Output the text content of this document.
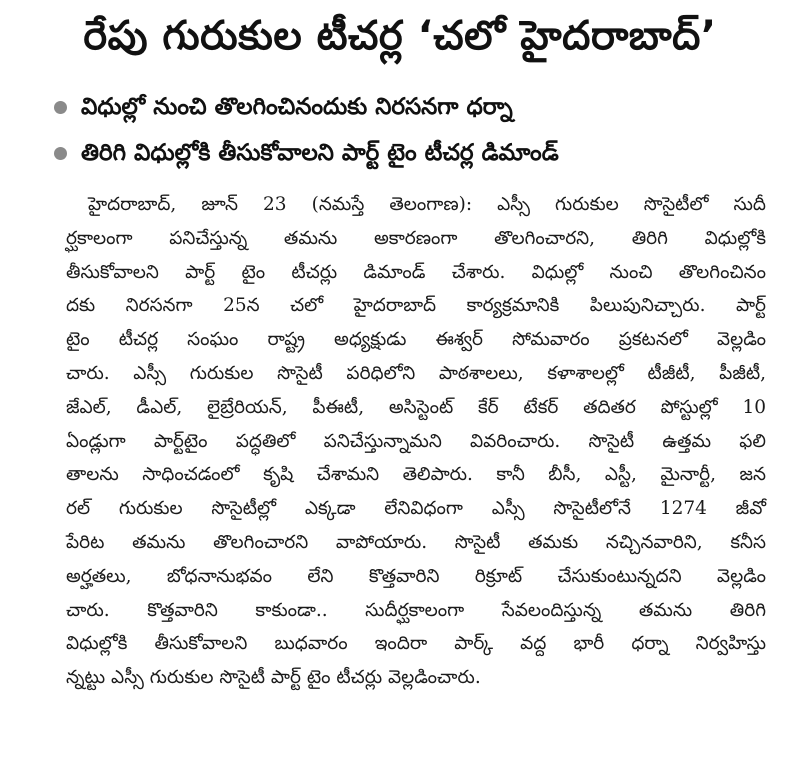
రేపు గురుకుల టీచర్ల ‘చలో హైదరాబాద్‌’
విధుల్లో నుంచి తొలగించినందుకు నిరసనగా ధర్నా
తిరిగి విధుల్లోకి తీసుకోవాలని పార్ట్‌ టైం టీచర్ల డిమాండ్‌
హైదరాబాద్‌, జూన్‌ 23 (నమస్తే తెలంగాణ): ఎస్సీ గురుకుల సొసైటీలో సుదీ
ర్ఘకాలంగా పనిచేస్తున్న తమను అకారణంగా తొలగించారని, తిరిగి విధుల్లోకి
తీసుకోవాలని పార్ట్‌ టైం టీచర్లు డిమాండ్‌ చేశారు. విధుల్లో నుంచి తొలగించినం
దకు నిరసనగా 25న చలో హైదరాబాద్‌ కార్యక్రమానికి పిలుపునిచ్చారు. పార్ట్‌
టైం టీచర్ల సంఘం రాష్ట్ర అధ్యక్షుడు ఈశ్వర్‌ సోమవారం ప్రకటనలో వెల్లడిం
చారు. ఎస్సీ గురుకుల సొసైటీ పరిధిలోని పాఠశాలలు, కళాశాలల్లో టీజీటీ, పీజీటీ,
జేఎల్‌, డీఎల్‌, లైబ్రేరియన్‌, పీఈటీ, అసిస్టెంట్‌ కేర్‌ టేకర్‌ తదితర పోస్టుల్లో 10
ఏండ్లుగా పార్ట్‌టైం పద్ధతిలో పనిచేస్తున్నామని వివరించారు. సొసైటీ ఉత్తమ ఫలి
తాలను సాధించడంలో కృషి చేశామని తెలిపారు. కానీ బీసీ, ఎస్టీ, మైనార్టీ, జన
రల్‌ గురుకుల సొసైటీల్లో ఎక్కడా లేనివిధంగా ఎస్సీ సొసైటీలోనే 1274 జీవో
పేరిట తమను తొలగించారని వాపోయారు. సొసైటీ తమకు నచ్చినవారిని, కనీస
అర్హతలు, బోధనానుభవం లేని కొత్తవారిని రిక్రూట్‌ చేసుకుంటున్నదని వెల్లడిం
చారు. కొత్తవారిని కాకుండా.. సుదీర్ఘకాలంగా సేవలందిస్తున్న తమను తిరిగి
విధుల్లోకి తీసుకోవాలని బుధవారం ఇందిరా పార్క్‌ వద్ద భారీ ధర్నా నిర్వహిస్తు
న్నట్టు ఎస్సీ గురుకుల సొసైటీ పార్ట్‌ టైం టీచర్లు వెల్లడించారు.
